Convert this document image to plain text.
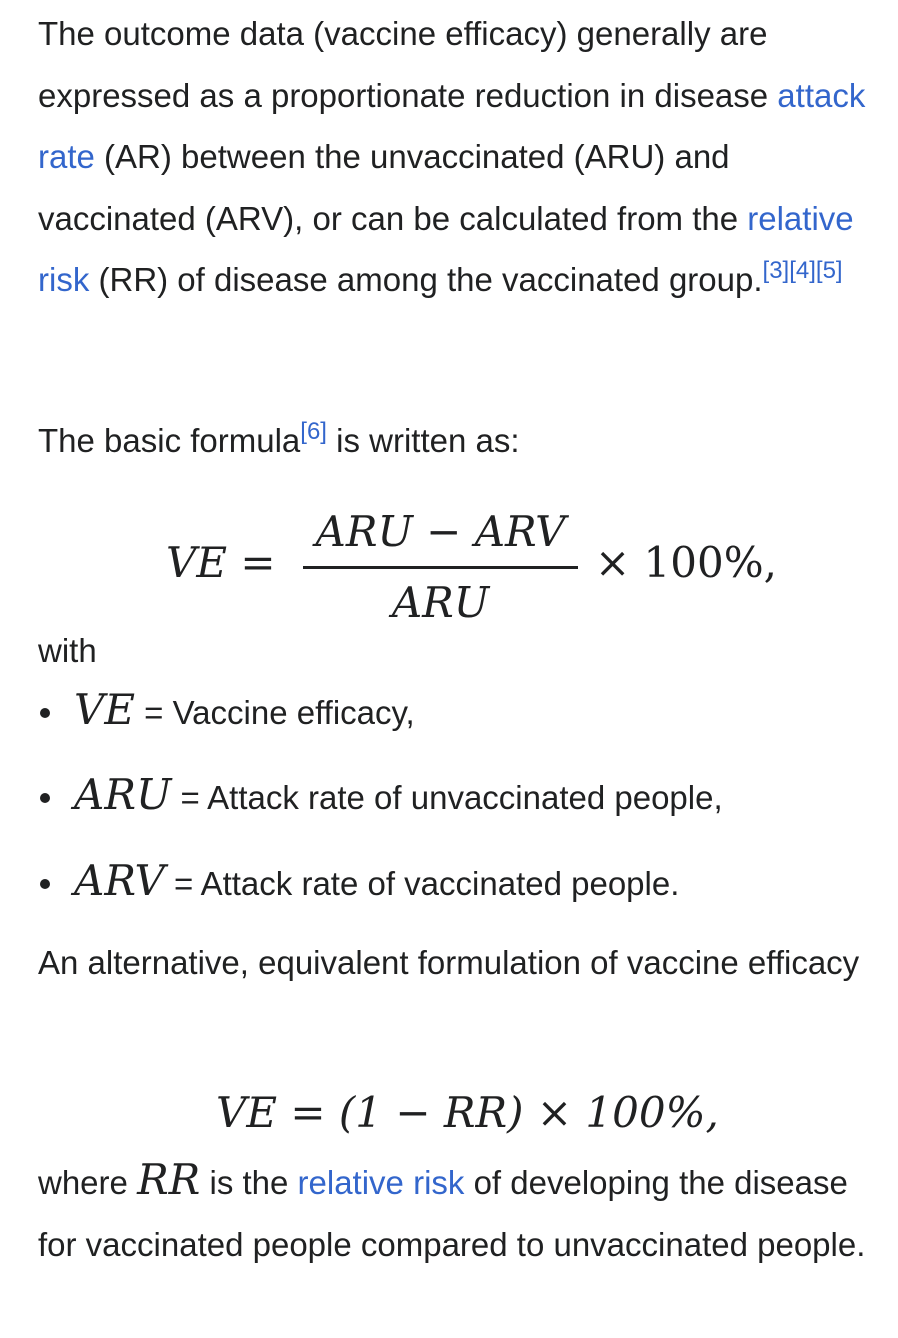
The outcome data (vaccine efficacy) generally are expressed as a proportionate reduction in disease attack rate (AR) between the unvaccinated (ARU) and vaccinated (ARV), or can be calculated from the relative risk (RR) of disease among the vaccinated group.[3][4][5]

The basic formula[6] is written as:

VE =
ARU − ARV
ARU
× 100%,

with

VE = Vaccine efficacy,
ARU = Attack rate of unvaccinated people,
ARV = Attack rate of vaccinated people.

An alternative, equivalent formulation of vaccine efficacy

VE = (1 − RR) × 100%,

where RR is the relative risk of developing the disease for vaccinated people compared to unvaccinated people.
